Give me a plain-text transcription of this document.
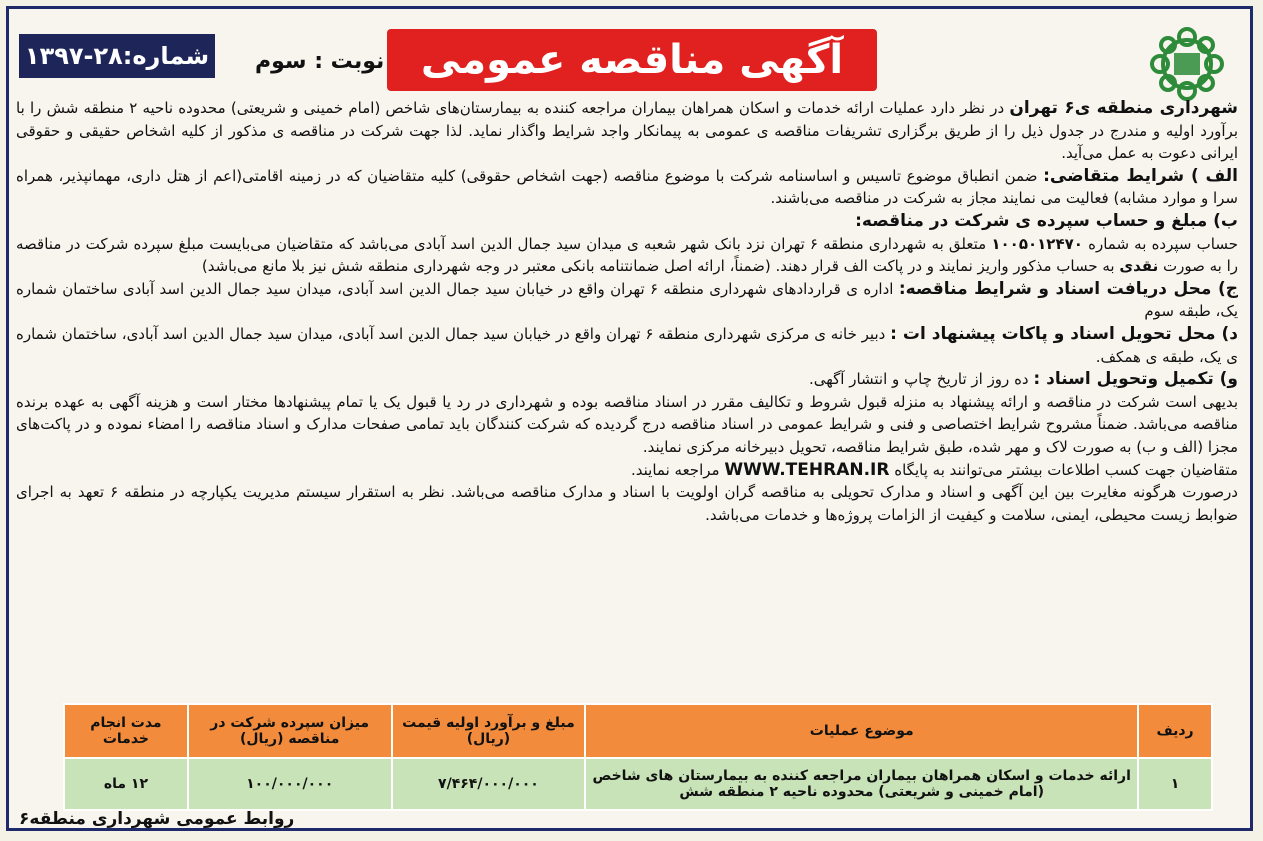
آگهی مناقصه عمومی
نوبت : سوم
شماره:۲۸-۱۳۹۷

شهرداری منطقه ی۶ تهران در نظر دارد عملیات ارائه خدمات و اسکان همراهان بیماران مراجعه کننده به بیمارستان‌های شاخص (امام خمینی و شریعتی) محدوده ناحیه ۲ منطقه شش را با برآورد اولیه و مندرج در جدول ذیل را از طریق برگزاری تشریفات مناقصه ی عمومی به پیمانکار واجد شرایط واگذار نماید. لذا جهت شرکت در مناقصه ی مذکور از کلیه اشخاص حقیقی و حقوقی ایرانی دعوت به عمل می‌آید.

الف ) شرایط متقاضی: ضمن انطباق موضوع تاسیس و اساسنامه شرکت با موضوع مناقصه (جهت اشخاص حقوقی) کلیه متقاضیان که در زمینه اقامتی(اعم از هتل داری، مهمانپذیر، همراه سرا و موارد مشابه) فعالیت می نمایند مجاز به شرکت در مناقصه می‌باشند.

ب) مبلغ و حساب سپرده ی شرکت در مناقصه:

حساب سپرده به شماره ۱۰۰۵۰۱۲۴۷۰ متعلق به شهرداری منطقه ۶ تهران نزد بانک شهر شعبه ی میدان سید جمال الدین اسد آبادی می‌باشد که متقاضیان می‌بایست مبلغ سپرده شرکت در مناقصه را به صورت نقدی به حساب مذکور واریز نمایند و در پاکت الف قرار دهند. (ضمناً، ارائه اصل ضمانتنامه بانکی معتبر در وجه شهرداری منطقه شش نیز بلا مانع می‌باشد)

ج) محل دریافت اسناد و شرایط مناقصه: اداره ی قراردادهای شهرداری منطقه ۶ تهران واقع در خیابان سید جمال الدین اسد آبادی، میدان سید جمال الدین اسد آبادی ساختمان شماره یک، طبقه سوم

د) محل تحویل اسناد و پاکات پیشنهاد ات : دبیر خانه ی مرکزی شهرداری منطقه ۶ تهران واقع در خیابان سید جمال الدین اسد آبادی، میدان سید جمال الدین اسد آبادی، ساختمان شماره ی یک، طبقه ی همکف.

و) تکمیل وتحویل اسناد : ده روز از تاریخ چاپ و انتشار آگهی.

بدیهی است شرکت در مناقصه و ارائه پیشنهاد به منزله قبول شروط و تکالیف مقرر در اسناد مناقصه بوده و شهرداری در رد یا قبول یک یا تمام پیشنهادها مختار است و هزینه آگهی به عهده برنده مناقصه می‌باشد. ضمناً مشروح شرایط اختصاصی و فنی و شرایط عمومی در اسناد مناقصه درج گردیده که شرکت کنندگان باید تمامی صفحات مدارک و اسناد مناقصه را امضاء نموده و در پاکت‌های مجزا (الف و ب) به صورت لاک و مهر شده، طبق شرایط مناقصه، تحویل دبیرخانه مرکزی نمایند.

متقاضیان جهت کسب اطلاعات بیشتر می‌توانند به پایگاه WWW.TEHRAN.IR مراجعه نمایند.

درصورت هرگونه مغایرت بین این آگهی و اسناد و مدارک تحویلی به مناقصه گران اولویت با اسناد و مدارک مناقصه می‌باشد. نظر به استقرار سیستم مدیریت یکپارچه در منطقه ۶ تعهد به اجرای ضوابط زیست محیطی، ایمنی، سلامت و کیفیت از الزامات پروژه‌ها و خدمات می‌باشد.

ردیف	موضوع عملیات	مبلغ و برآورد اولیه قیمت (ریال)	میزان سپرده شرکت در مناقصه (ریال)	مدت انجام خدمات
۱	ارائه خدمات و اسکان همراهان بیماران مراجعه کننده به بیمارستان های شاخص (امام خمینی و شریعتی) محدوده ناحیه ۲ منطقه شش	۷/۴۶۴/۰۰۰/۰۰۰	۱۰۰/۰۰۰/۰۰۰	۱۲ ماه
روابط عمومی شهرداری منطقه۶
